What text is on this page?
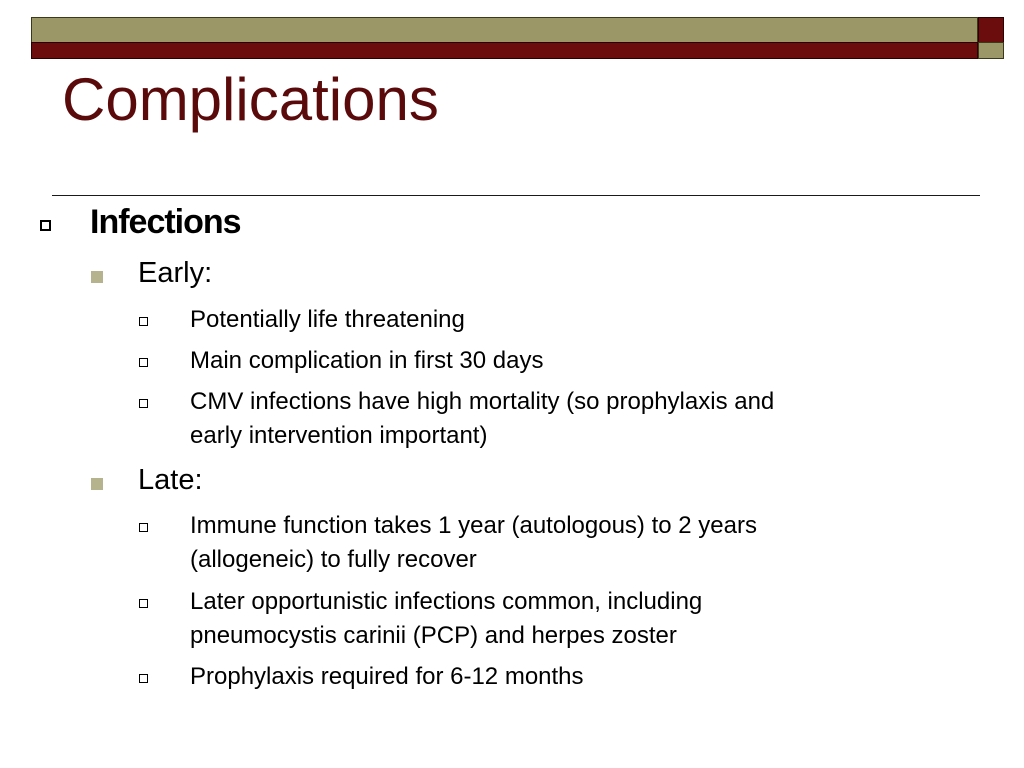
Complications
Infections
Early:
Potentially life threatening
Main complication in first 30 days
CMV infections have high mortality (so prophylaxis and
early intervention important)
Late:
Immune function takes 1 year (autologous) to 2 years
(allogeneic) to fully recover
Later opportunistic infections common, including
pneumocystis carinii (PCP) and herpes zoster
Prophylaxis required for 6-12 months
